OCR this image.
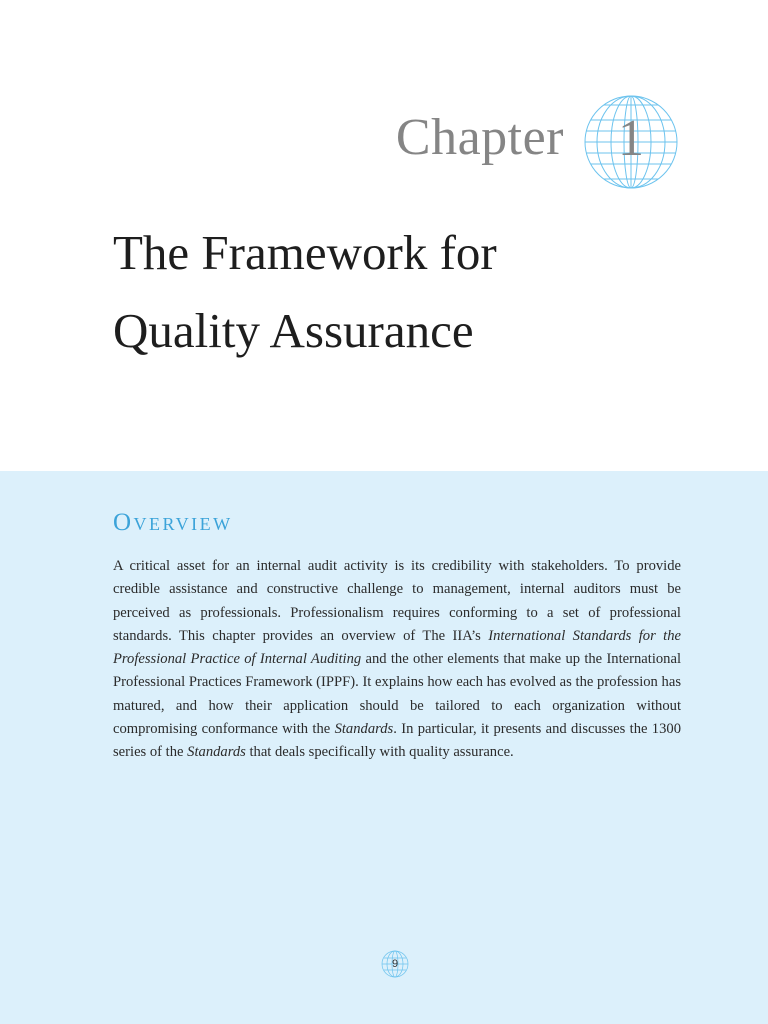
Chapter	1
The Framework for
Quality Assurance
Overview

A critical asset for an internal audit activity is its credibility with stakeholders. To provide credible assistance and constructive challenge to management, internal auditors must be perceived as professionals. Professionalism requires conforming to a set of professional standards. This chapter provides an overview of The IIA’s International Standards for the Professional Practice of Internal Auditing and the other elements that make up the International Professional Practices Framework (IPPF). It explains how each has evolved as the profession has matured, and how their application should be tailored to each organization without compromising conformance with the Standards. In particular, it presents and discusses the 1300 series of the Standards that deals specifically with quality assurance.

9
